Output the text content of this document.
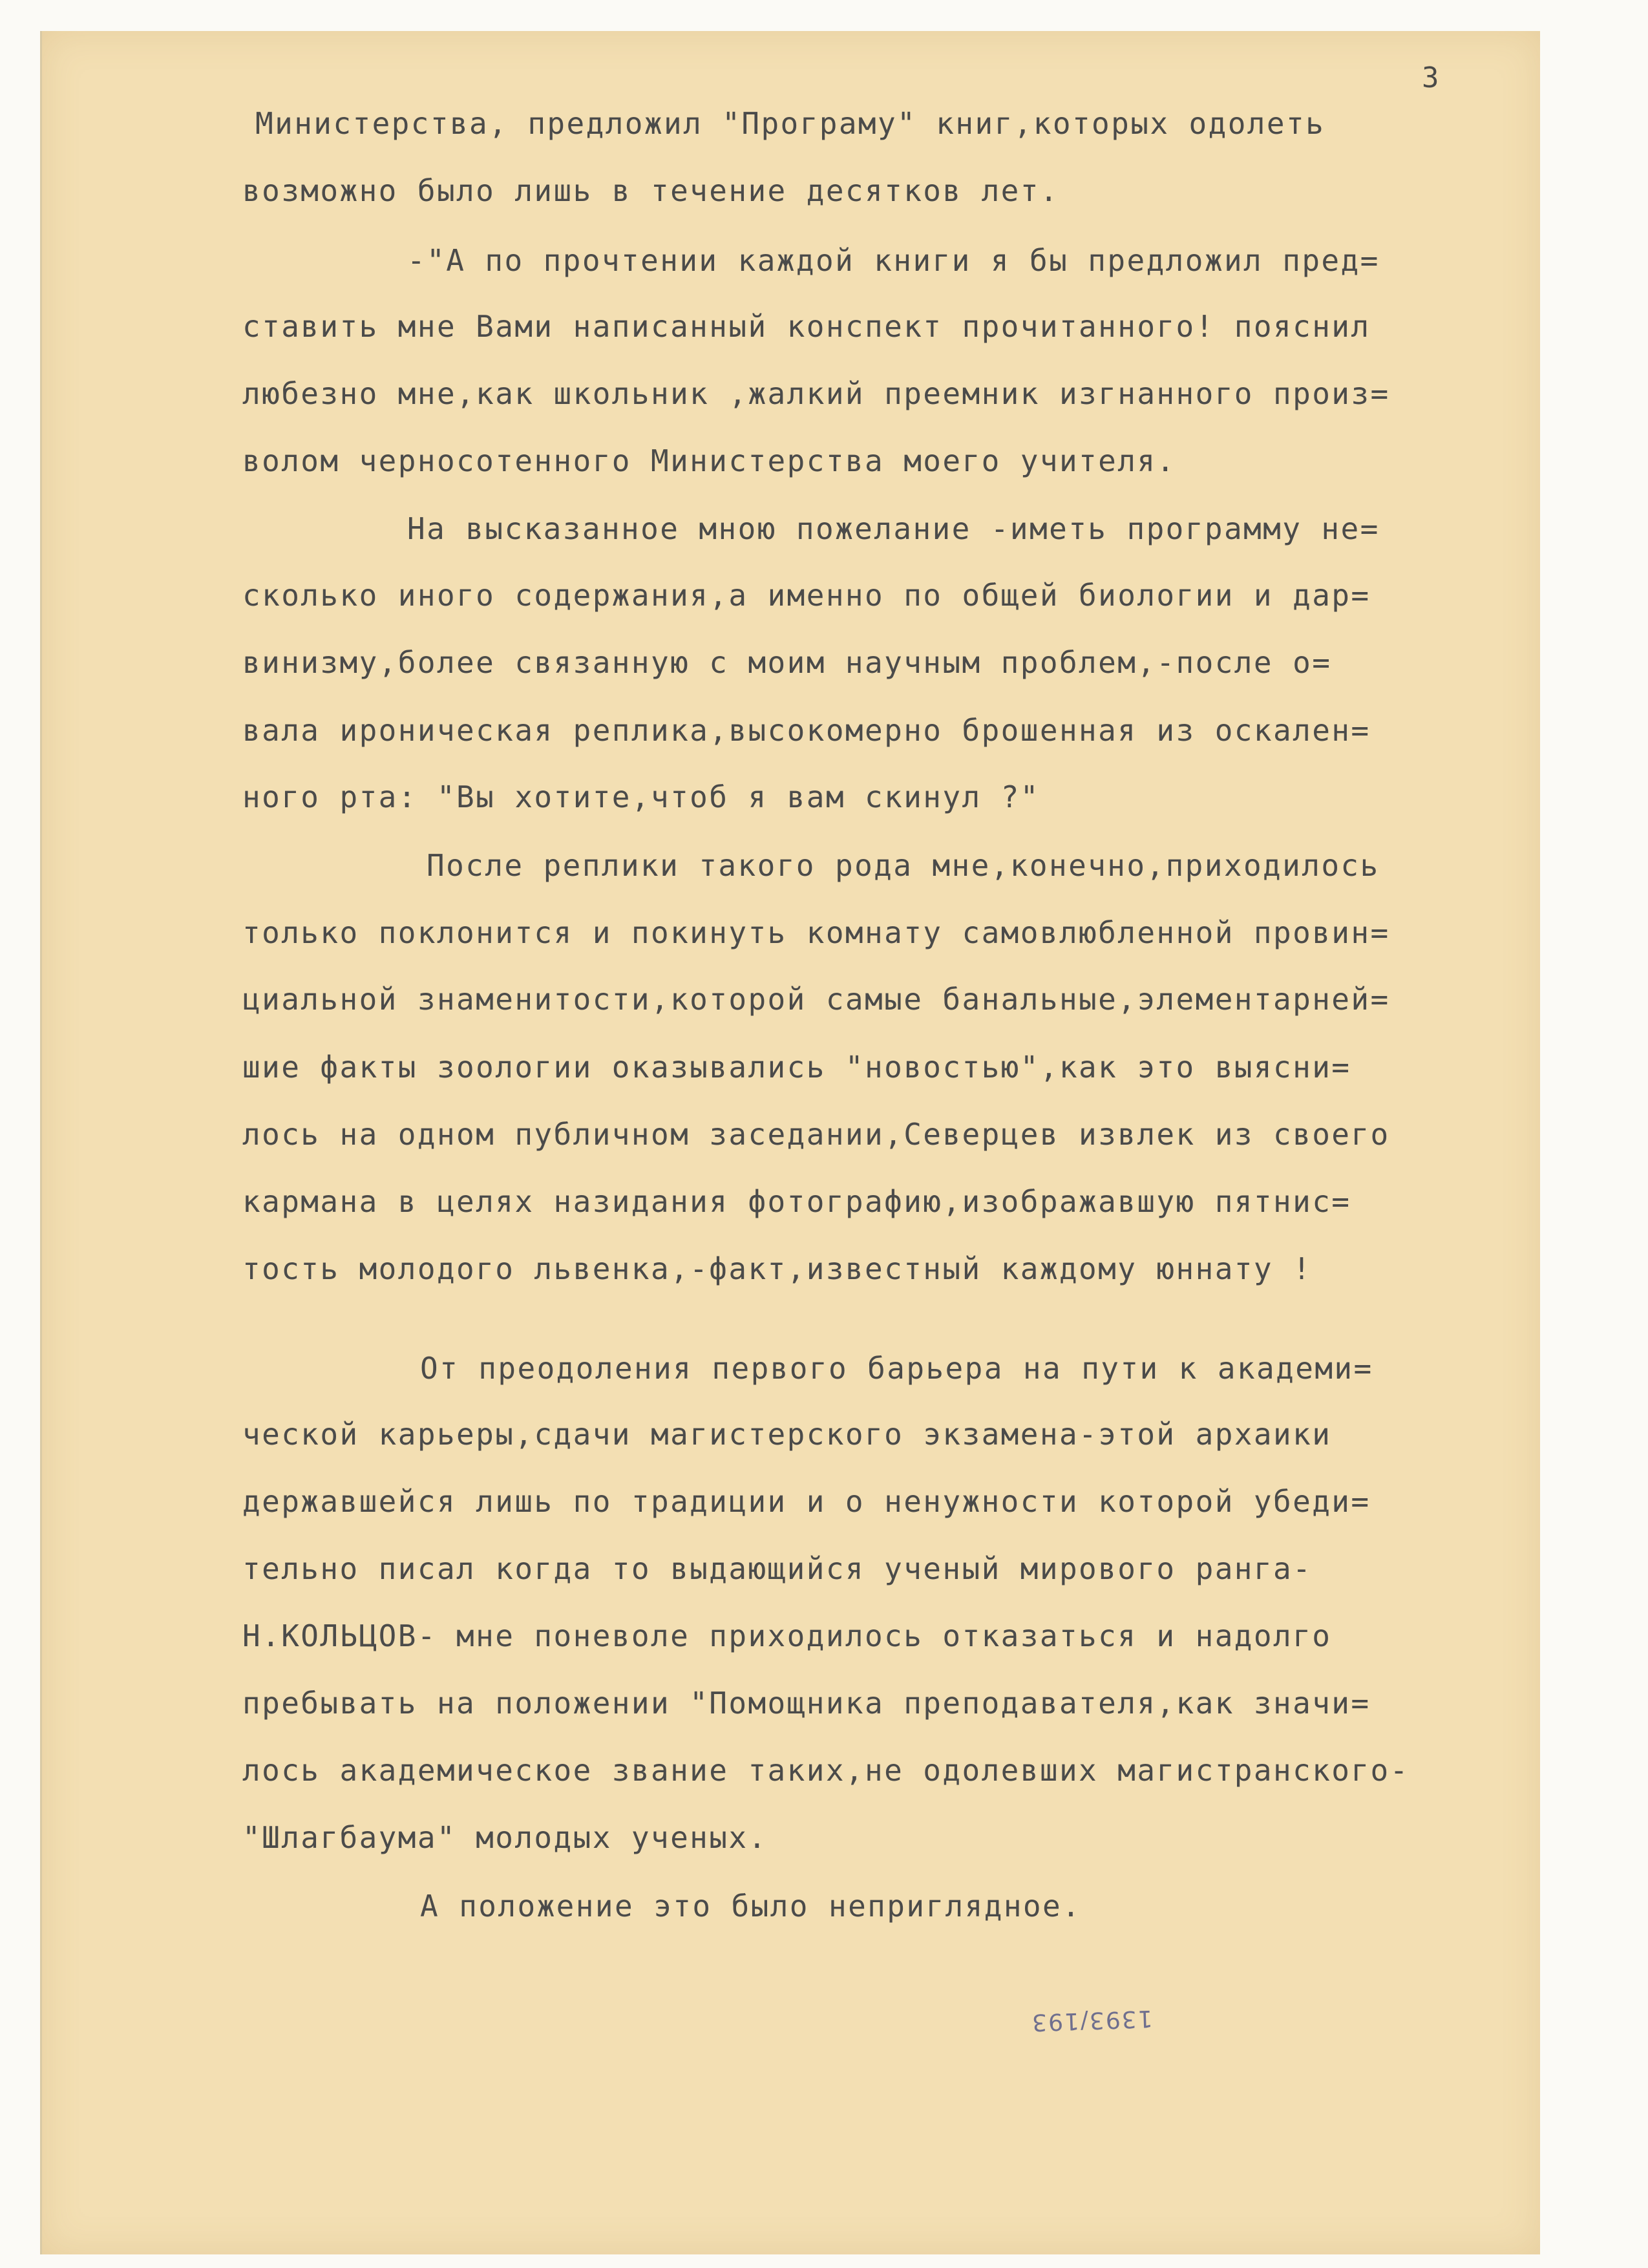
3
Министерства, предложил "Програму" книг,которых одолеть
возможно было лишь в течение десятков лет.
-"А по прочтении каждой книги я бы предложил пред=
ставить мне Вами написанный конспект прочитанного! пояснил
любезно мне,как школьник ,жалкий преемник изгнанного произ=
волом черносотенного Министерства моего учителя.
На высказанное мною пожелание -иметь программу не=
сколько иного содержания,а именно по общей биологии и дар=
винизму,более связанную с моим научным проблем,-после о=
вала ироническая реплика,высокомерно брошенная из оскален=
ного рта: "Вы хотите,чтоб я вам скинул ?"
После реплики такого рода мне,конечно,приходилось
только поклонится и покинуть комнату самовлюбленной провин=
циальной знаменитости,которой самые банальные,элементарней=
шие факты зоологии оказывались "новостью",как это выясни=
лось на одном публичном заседании,Северцев извлек из своего
кармана в целях назидания фотографию,изображавшую пятнис=
тость молодого львенка,-факт,известный каждому юннату !
От преодоления первого барьера на пути к академи=
ческой карьеры,сдачи магистерского экзамена-этой архаики
державшейся лишь по традиции и о ненужности которой убеди=
тельно писал когда то выдающийся ученый мирового ранга-
Н.КОЛЬЦОВ- мне поневоле приходилось отказаться и надолго
пребывать на положении "Помощника преподавателя,как значи=
лось академическое звание таких,не одолевших магистранского-
"Шлагбаума" молодых ученых.
А положение это было неприглядное.
1393/193
